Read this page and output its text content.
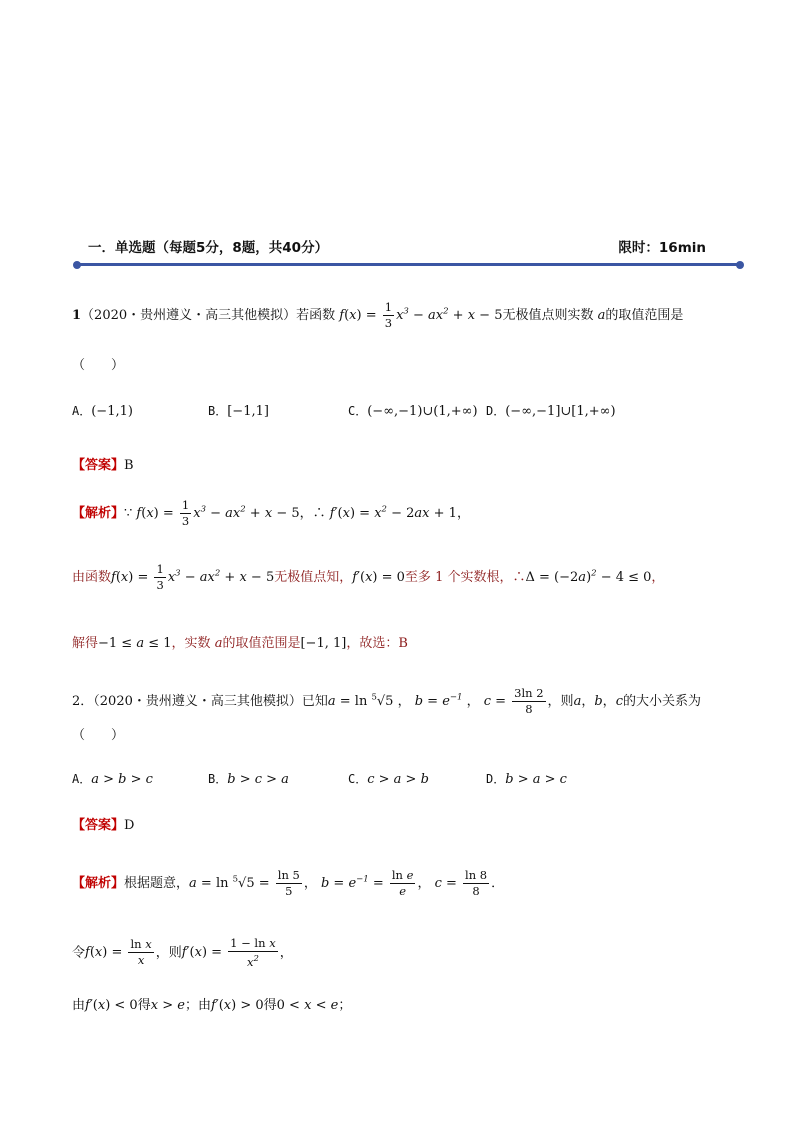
一．单选题（每题5分，8题，共40分）	限时：16min
1（2020・贵州遵义・高三其他模拟）若函数 $f(x) = \frac{1}{3} x^3 - ax^2 + x - 5$无极值点则实数 a的取值范围是
（　　）
A．(−1,1)	B．[−1,1]	C．(−∞,−1)∪(1,+∞) D．(−∞,−1]∪[1,+∞)
【答案】B
【解析】∵ $f(x) = \frac{1}{3} x^3 - ax^2 + x - 5$，∴ $f'(x) = x^2 - 2ax + 1$，
由函数$f(x) = \frac{1}{3} x^3 - ax^2 + x - 5$无极值点知，f′(x) = 0至多 1 个实数根，∴Δ = $(-2a)^2 - 4 \le 0$，
解得−1 ≤ a ≤ 1，实数 a的取值范围是[−1, 1]，故选：B
2．（2020・贵州遵义・高三其他模拟）已知a = ln $^5$√5 ， $b = e^{-1}$ ， $c = \frac{3\ln 2}{8}$ ，则a，b，c的大小关系为
（　　）
A．a > b > c	B．b > c > a	C．c > a > b	D．b > a > c
【答案】D
【解析】根据题意，$a = \ln ^5√5 = \frac{\ln 5}{5}$ ， $b = e^{-1} = \frac{\text{ln e}}{e}$ ， $c = \frac{\ln 8}{8}$ ．
令$f(x) = \frac{\text{ln x}}{x}$ ，则$f'(x) = \frac{\text{1 − ln x}}{x^2}$ ，
由f′(x) < 0得x > e；由f′(x) > 0得0 < x < e；
